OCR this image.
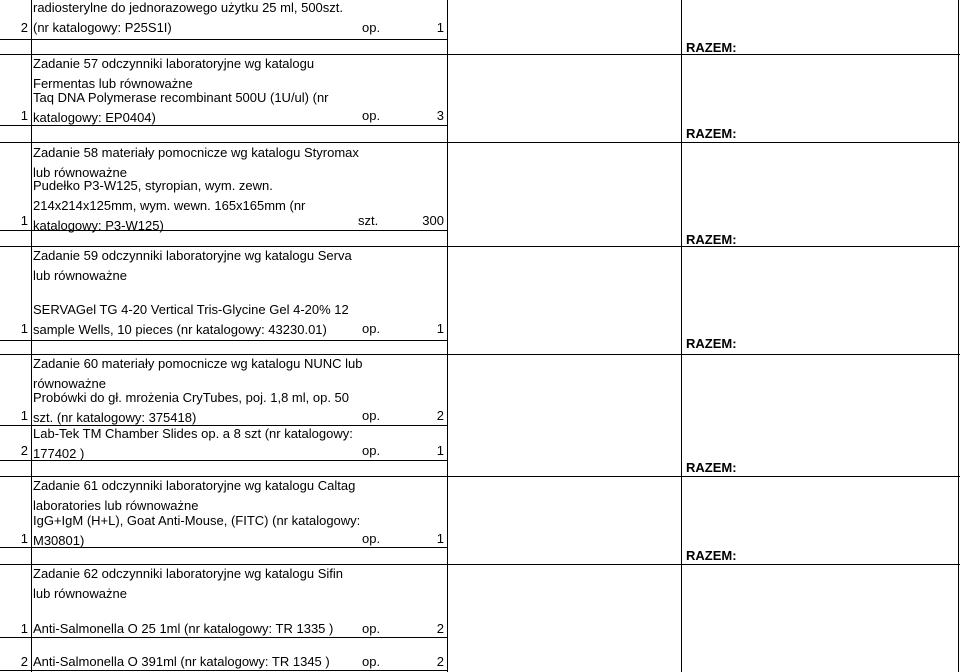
radiosterylne do jednorazowego użytku 25 ml, 500szt.
(nr katalogowy: P25S1I)
2	op.	1
RAZEM:
Zadanie 57 odczynniki laboratoryjne wg katalogu
Fermentas lub równoważne
Taq DNA Polymerase recombinant 500U (1U/ul) (nr
katalogowy: EP0404)
1	op.	3
RAZEM:
Zadanie 58 materiały pomocnicze wg katalogu Styromax
lub równoważne
Pudełko P3-W125, styropian, wym. zewn.
214x214x125mm, wym. wewn. 165x165mm (nr
katalogowy: P3-W125)
1	szt.	300
RAZEM:
Zadanie 59 odczynniki laboratoryjne wg katalogu Serva
lub równoważne
SERVAGel TG 4-20 Vertical Tris-Glycine Gel 4-20% 12
sample Wells, 10 pieces (nr katalogowy: 43230.01)
1	op.	1
RAZEM:
Zadanie 60 materiały pomocnicze wg katalogu NUNC lub
równoważne
Probówki do gł. mrożenia CryTubes, poj. 1,8 ml, op. 50
szt. (nr katalogowy: 375418)
1	op.	2
Lab-Tek TM Chamber Slides op. a 8 szt (nr katalogowy:
177402 )
2	op.	1
RAZEM:
Zadanie 61 odczynniki laboratoryjne wg katalogu Caltag
laboratories lub równoważne
IgG+IgM (H+L), Goat Anti-Mouse, (FITC) (nr katalogowy:
M30801)
1	op.	1
RAZEM:
Zadanie 62 odczynniki laboratoryjne wg katalogu Sifin
lub równoważne
Anti-Salmonella O 25 1ml (nr katalogowy: TR 1335 )
1	op.	2
Anti-Salmonella O 391ml (nr katalogowy: TR 1345 )
2	op.	2
